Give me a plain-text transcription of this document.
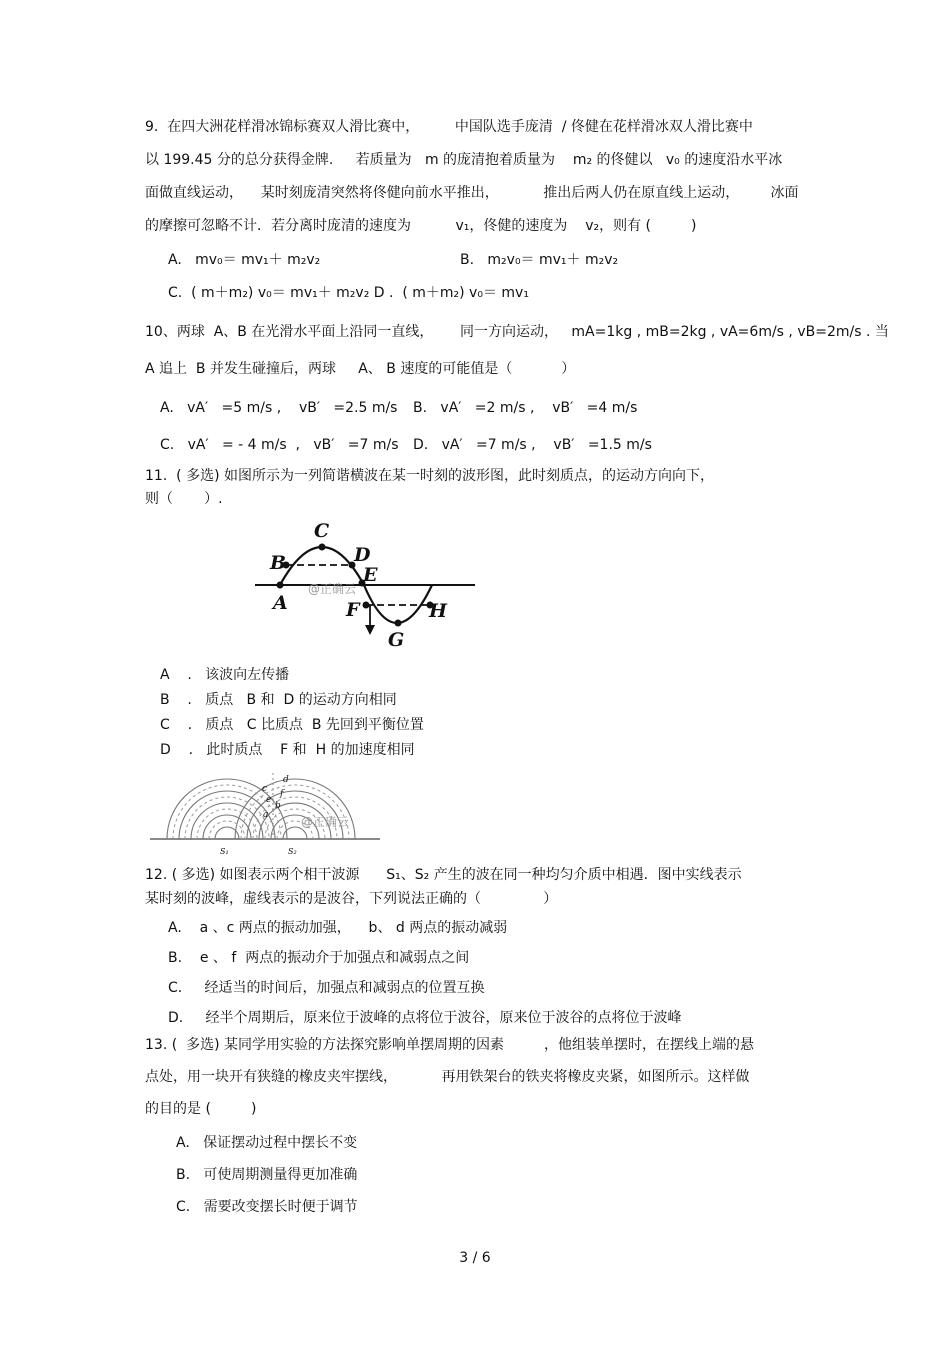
9.  在四大洲花样滑冰锦标赛双人滑比赛中，        中国队选手庞清  / 佟健在花样滑冰双人滑比赛中
以 199.45 分的总分获得金牌.     若质量为   m 的庞清抱着质量为    m₂ 的佟健以   v₀ 的速度沿水平冰
面做直线运动，    某时刻庞清突然将佟健向前水平推出，          推出后两人仍在原直线上运动，       冰面
的摩擦可忽略不计．若分离时庞清的速度为          v₁，佟健的速度为    v₂，则有 (         )
A.   mv₀＝ mv₁＋ m₂v₂	B.   m₂v₀＝ mv₁＋ m₂v₂
C.  ( m＋m₂) v₀＝ mv₁＋ m₂v₂ D .  ( m＋m₂) v₀＝ mv₁
10、两球  A、B 在光滑水平面上沿同一直线，      同一方向运动，   mA=1kg , mB=2kg , vA=6m/s , vB=2m/s . 当
A 追上  B 并发生碰撞后，两球     A、 B 速度的可能值是（           ）
A.   vA′   =5 m/s ,    vB′   =2.5 m/s B.   vA′   =2 m/s ,    vB′   =4 m/s
C.   vA′   = - 4 m/s  ,   vB′   =7 m/s D.   vA′   =7 m/s ,    vB′   =1.5 m/s
11.  ( 多选) 如图所示为一列简谐横波在某一时刻的波形图，此时刻质点，的运动方向向下，
则（       ）.
C
B	D
E
A	F	H
G
@正确云
A    .   该波向左传播
B    .   质点   B 和  D 的运动方向相同
C    .   质点   C 比质点  B 先回到平衡位置
D    .   此时质点    F 和  H 的加速度相同
d
c f
e
b
a
S₁	S₂
@正确云
12. ( 多选) 如图表示两个相干波源      S₁、S₂ 产生的波在同一种均匀介质中相遇．图中实线表示
某时刻的波峰，虚线表示的是波谷，下列说法正确的（              ）
A.    a 、c 两点的振动加强，    b、 d 两点的振动减弱
B.    e 、 f  两点的振动介于加强点和减弱点之间
C.     经适当的时间后，加强点和减弱点的位置互换
D.     经半个周期后，原来位于波峰的点将位于波谷，原来位于波谷的点将位于波峰
13. (  多选) 某同学用实验的方法探究影响单摆周期的因素         ，他组装单摆时，在摆线上端的悬
点处，用一块开有狭缝的橡皮夹牢摆线，          再用铁架台的铁夹将橡皮夹紧，如图所示。这样做
的目的是 (         )
A.   保证摆动过程中摆长不变
B.   可使周期测量得更加准确
C.   需要改变摆长时便于调节
3 / 6
